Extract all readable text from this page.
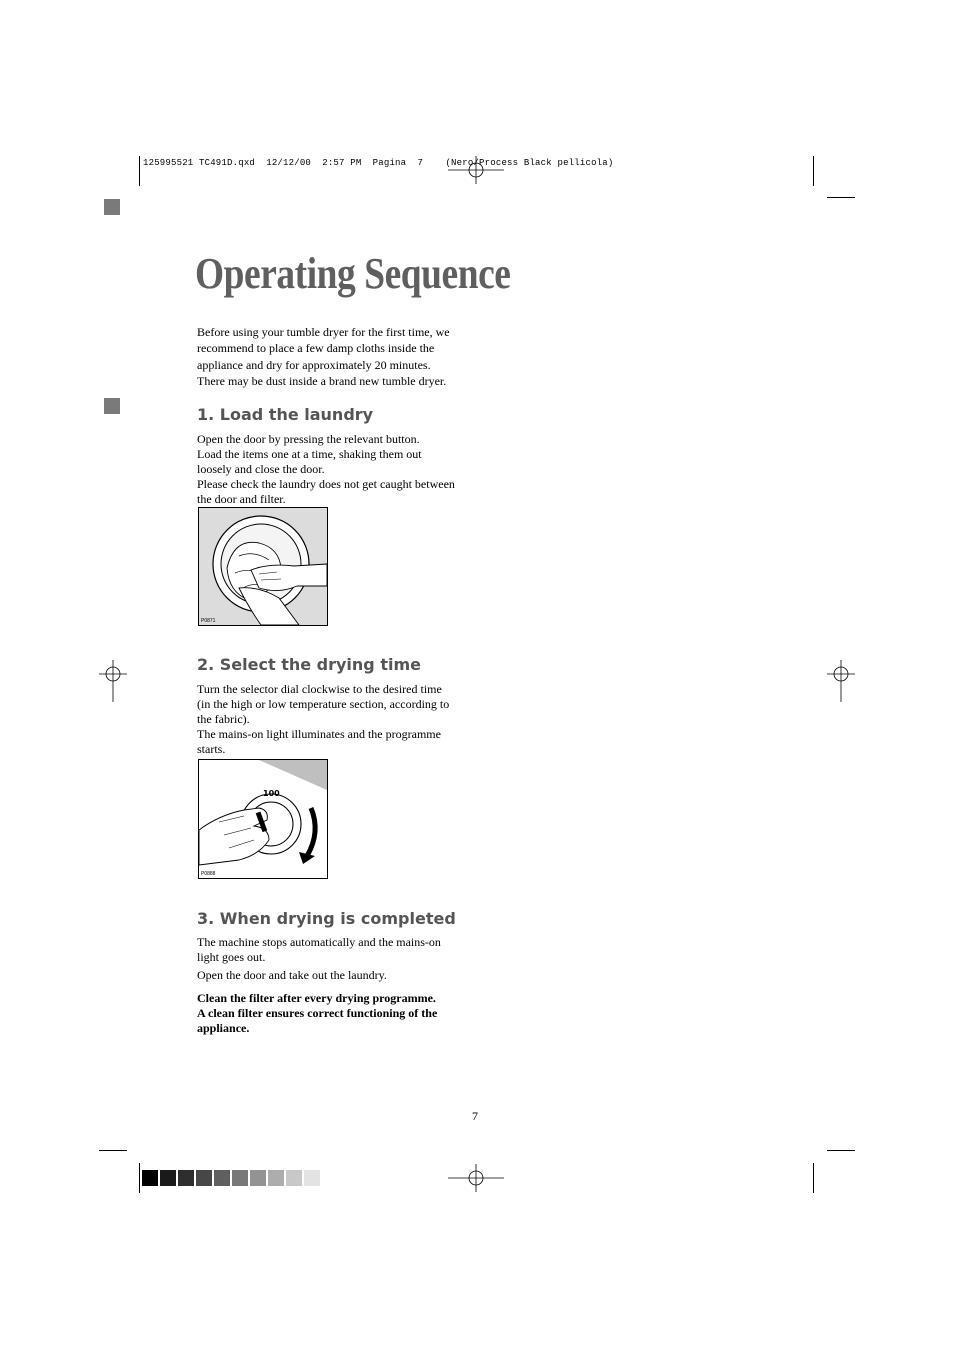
125995521 TC491D.qxd  12/12/00  2:57 PM  Pagina  7    (Nero/Process Black pellicola)
Operating Sequence
Before using your tumble dryer for the first time, we
recommend to place a few damp cloths inside the
appliance and dry for approximately 20 minutes.
There may be dust inside a brand new tumble dryer.
1. Load the laundry
Open the door by pressing the relevant button.
Load the items one at a time, shaking them out
loosely and close the door.
Please check the laundry does not get caught between
the door and filter.
P0871
2. Select the drying time
Turn the selector dial clockwise to the desired time
(in the high or low temperature section, according to
the fabric).
The mains-on light illuminates and the programme
starts.
100
P0888
3. When drying is completed
The machine stops automatically and the mains-on
light goes out.
Open the door and take out the laundry.
Clean the filter after every drying programme.
A clean filter ensures correct functioning of the
appliance.
7
